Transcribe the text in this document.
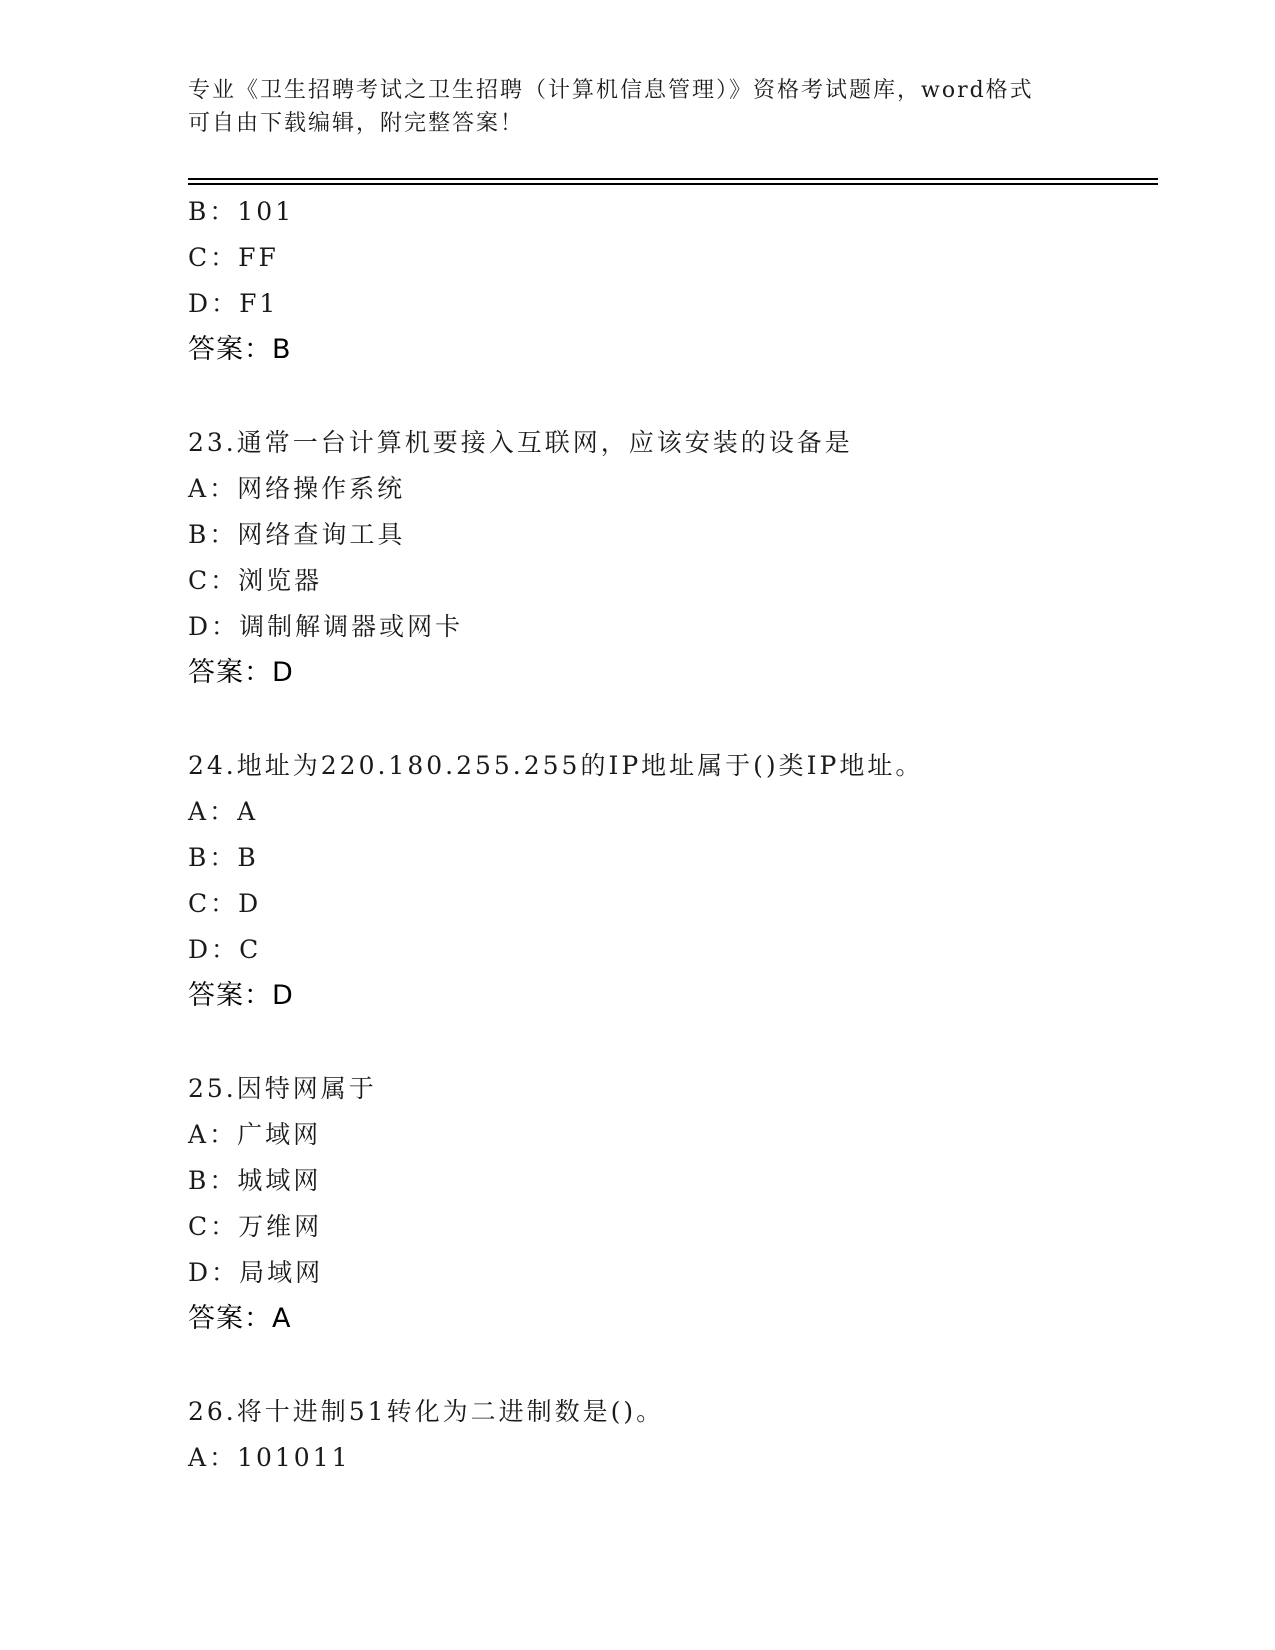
专业《卫生招聘考试之卫生招聘（计算机信息管理）》资格考试题库，word格式
可自由下载编辑，附完整答案！
B：101
C：FF
D：F1
答案：B
23.通常一台计算机要接入互联网，应该安装的设备是
A：网络操作系统
B：网络查询工具
C：浏览器
D：调制解调器或网卡
答案：D
24.地址为220.180.255.255的IP地址属于()类IP地址。
A：A
B：B
C：D
D：C
答案：D
25.因特网属于
A：广域网
B：城域网
C：万维网
D：局域网
答案：A
26.将十进制51转化为二进制数是()。
A：101011
